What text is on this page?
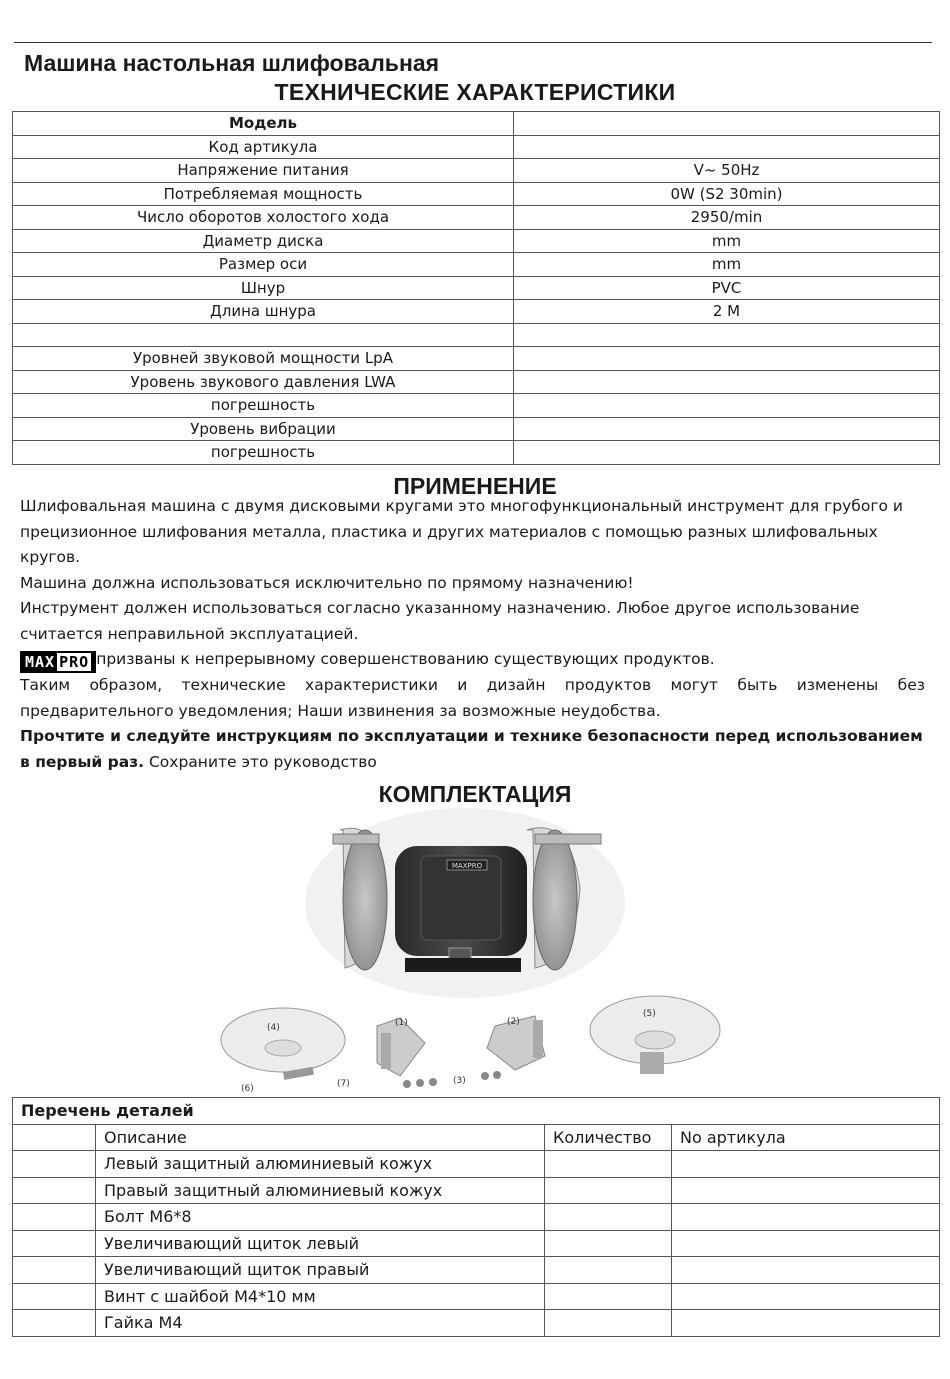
Машина настольная шлифовальная
ТЕХНИЧЕСКИЕ ХАРАКТЕРИСТИКИ
Модель	
Код артикула	
Напряжение питания	V~ 50Hz
Потребляемая мощность	0W (S2 30min)
Число оборотов холостого хода	2950/min
Диаметр диска	mm
Размер оси	mm
Шнур	PVC
Длина шнура	2 M

Уровней звуковой мощности LpA	
Уровень звукового давления LWA	
погрешность	
Уровень вибрации	
погрешность	
ПРИМЕНЕНИЕ

Шлифовальная машина с двумя дисковыми кругами это многофункциональный инструмент для грубого и прецизионное шлифования металла, пластика и других материалов с помощью разных шлифовальных кругов.

Машина должна использоваться исключительно по прямому назначению!

Инструмент должен использоваться согласно указанному назначению. Любое другое использование считается неправильной эксплуатацией.

MAX PRO призваны к непрерывному совершенствованию существующих продуктов.

Таким образом, технические характеристики и дизайн продуктов могут быть изменены без предварительного уведомления; Наши извинения за возможные неудобства.

Прочтите и следуйте инструкциям по эксплуатации и технике безопасности перед использованием в первый раз. Сохраните это руководство

КОМПЛЕКТАЦИЯ
MAXPRO
(4)	(1)	(2)
(5)
(6)	(7)	(3)
Перечень деталей			
	Описание	Количество	No артикула
	Левый защитный алюминиевый кожух		
	Правый защитный алюминиевый кожух		
	Болт M6*8		
	Увеличивающий щиток левый		
	Увеличивающий щиток правый		
	Винт с шайбой M4*10 мм		
	Гайка M4		
